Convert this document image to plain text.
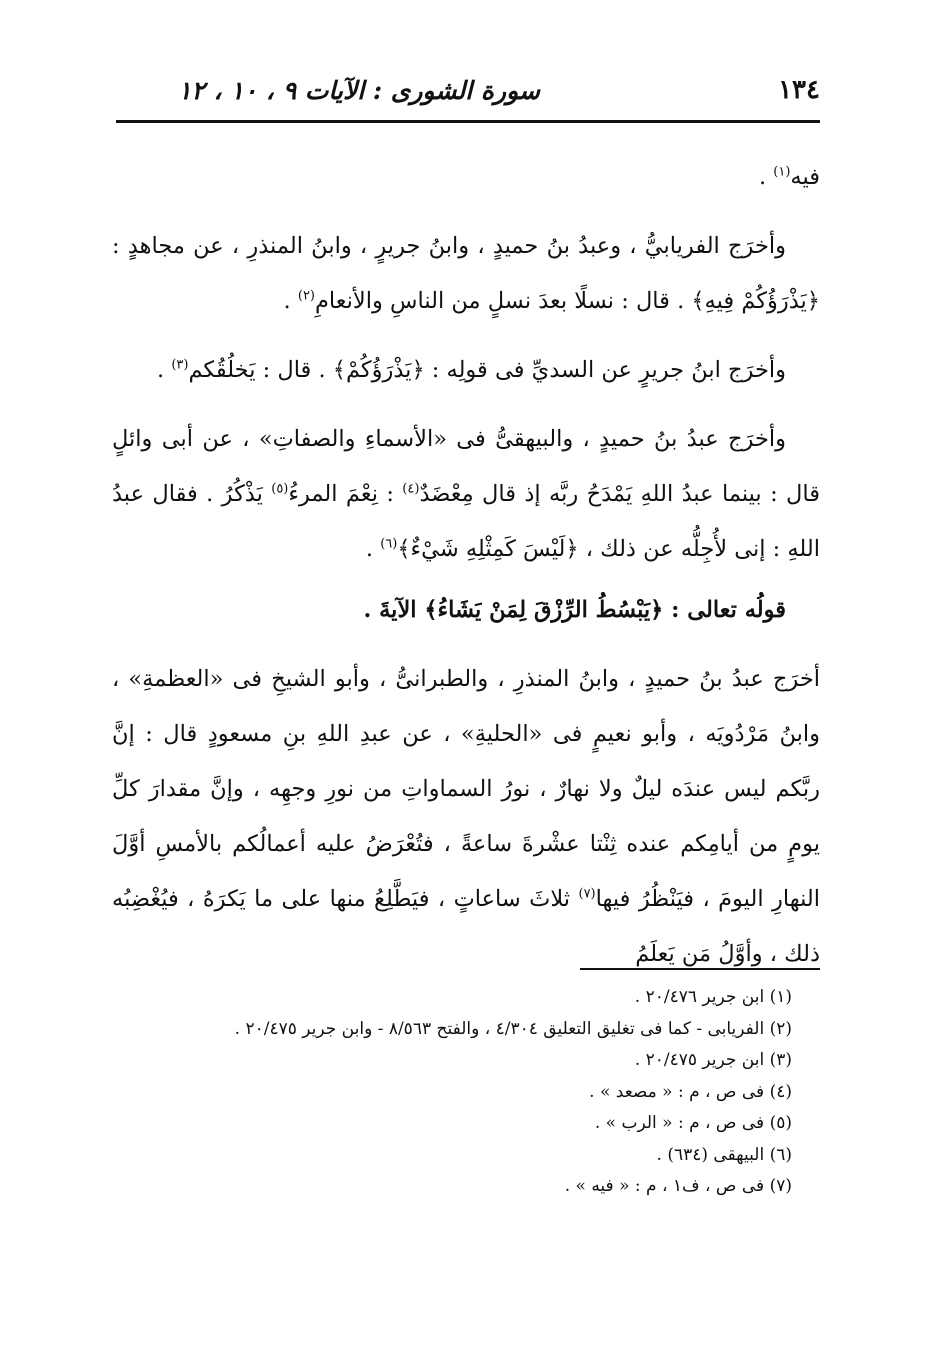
١٣٤
سورة الشورى : الآيات ٩ ، ١٠ ، ١٢

فيه$^{(١)}$ .

وأخرَج الفريابيُّ ، وعبدُ بنُ حميدٍ ، وابنُ جريرٍ ، وابنُ المنذرِ ، عن مجاهدٍ : ﴿يَذْرَؤُكُمْ فِيهِ﴾ . قال : نسلًا بعدَ نسلٍ من الناسِ والأنعامِ$^{(٢)}$ .

وأخرَج ابنُ جريرٍ عن السديِّ فى قولِه : ﴿يَذْرَؤُكُمْ﴾ . قال : يَخلُقُكم$^{(٣)}$ .

وأخرَج عبدُ بنُ حميدٍ ، والبيهقىُّ فى «الأسماءِ والصفاتِ» ، عن أبى وائلٍ قال : بينما عبدُ اللهِ يَمْدَحُ ربَّه إذ قال مِعْضَدٌ$^{(٤)}$ : نِعْمَ المرءُ$^{(٥)}$ يَذْكُرُ . فقال عبدُ اللهِ : إنى لأُجِلُّه عن ذلك ، ﴿لَيْسَ كَمِثْلِهِ شَيْءٌ﴾$^{(٦)}$ .

قولُه تعالى : ﴿يَبْسُطُ الرِّزْقَ لِمَنْ يَشَاءُ﴾ الآيةَ .

أخرَج عبدُ بنُ حميدٍ ، وابنُ المنذرِ ، والطبرانىُّ ، وأبو الشيخِ فى «العظمةِ» ، وابنُ مَرْدُويَه ، وأبو نعيمٍ فى «الحليةِ» ، عن عبدِ اللهِ بنِ مسعودٍ قال : إنَّ ربَّكم ليس عندَه ليلٌ ولا نهارٌ ، نورُ السماواتِ من نورِ وجهِه ، وإنَّ مقدارَ كلِّ يومٍ من أيامِكم عنده ثِنْتا عشْرةَ ساعةً ، فتُعْرَضُ عليه أعمالُكم بالأمسِ أوَّلَ النهارِ اليومَ ، فيَنْظُرُ فيها$^{(٧)}$ ثلاثَ ساعاتٍ ، فيَطَّلِعُ منها على ما يَكرَهُ ، فيُغْضِبُه ذلك ، وأوَّلُ مَن يَعلَمُ

(١) ابن جرير ٢٠/٤٧٦ .

(٢) الفريابى - كما فى تغليق التعليق ٤/٣٠٤ ، والفتح ٨/٥٦٣ - وابن جرير ٢٠/٤٧٥ .

(٣) ابن جرير ٢٠/٤٧٥ .

(٤) فى ص ، م : « مصعد » .

(٥) فى ص ، م : « الرب » .

(٦) البيهقى (٦٣٤) .

(٧) فى ص ، ف١ ، م : « فيه » .
